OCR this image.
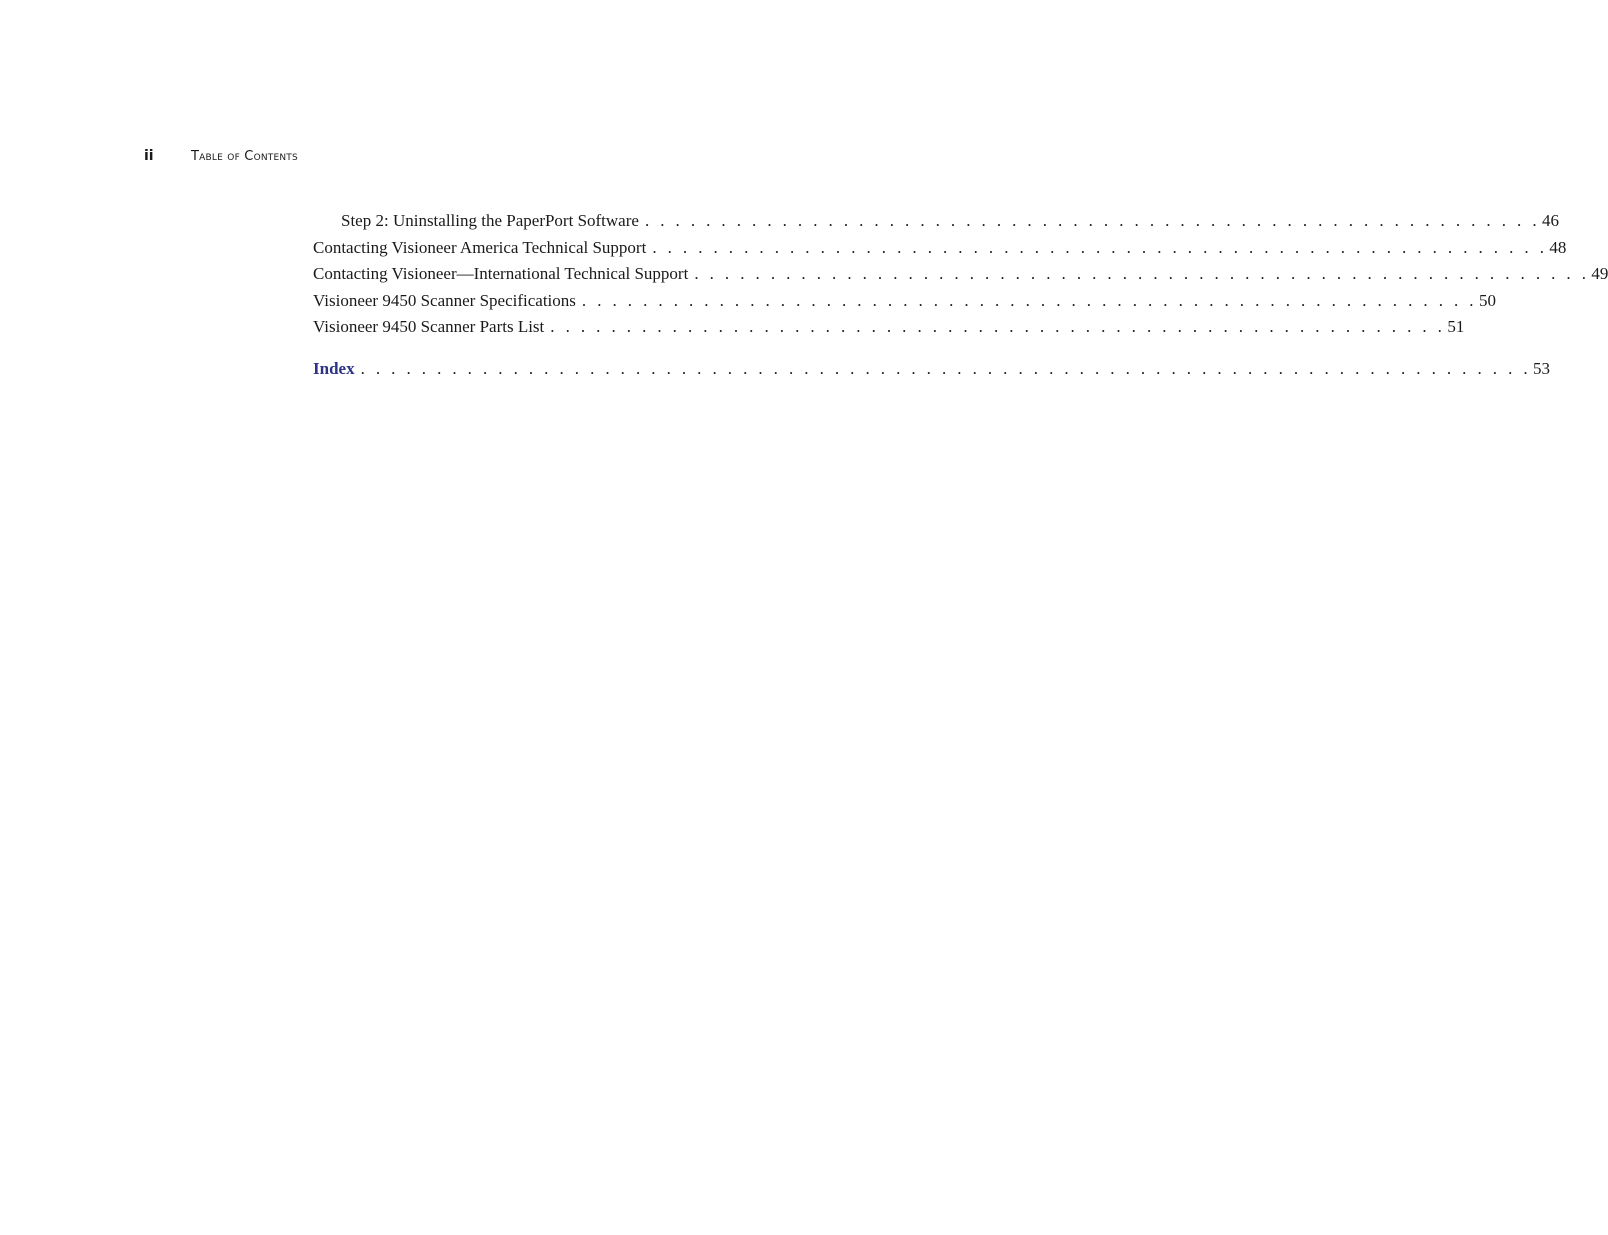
ii	Table of Contents
Step 2: Uninstalling the PaperPort Software . . . . . . . . . . . . . . . . . . . . . . . . . . . . . . . . . . . . . . . . . . . . . . . . . . . . . . . . . . . 46
Contacting Visioneer America Technical Support . . . . . . . . . . . . . . . . . . . . . . . . . . . . . . . . . . . . . . . . . . . . . . . . . . . . . . . . . . . 48
Contacting Visioneer—International Technical Support . . . . . . . . . . . . . . . . . . . . . . . . . . . . . . . . . . . . . . . . . . . . . . . . . . . . . . . . . . . 49
Visioneer 9450 Scanner Specifications . . . . . . . . . . . . . . . . . . . . . . . . . . . . . . . . . . . . . . . . . . . . . . . . . . . . . . . . . . . 50
Visioneer 9450 Scanner Parts List . . . . . . . . . . . . . . . . . . . . . . . . . . . . . . . . . . . . . . . . . . . . . . . . . . . . . . . . . . . 51
Index . . . . . . . . . . . . . . . . . . . . . . . . . . . . . . . . . . . . . . . . . . . . . . . . . . . . . . . . . . . . . . . . . . . . . . . . . . . . . 53
